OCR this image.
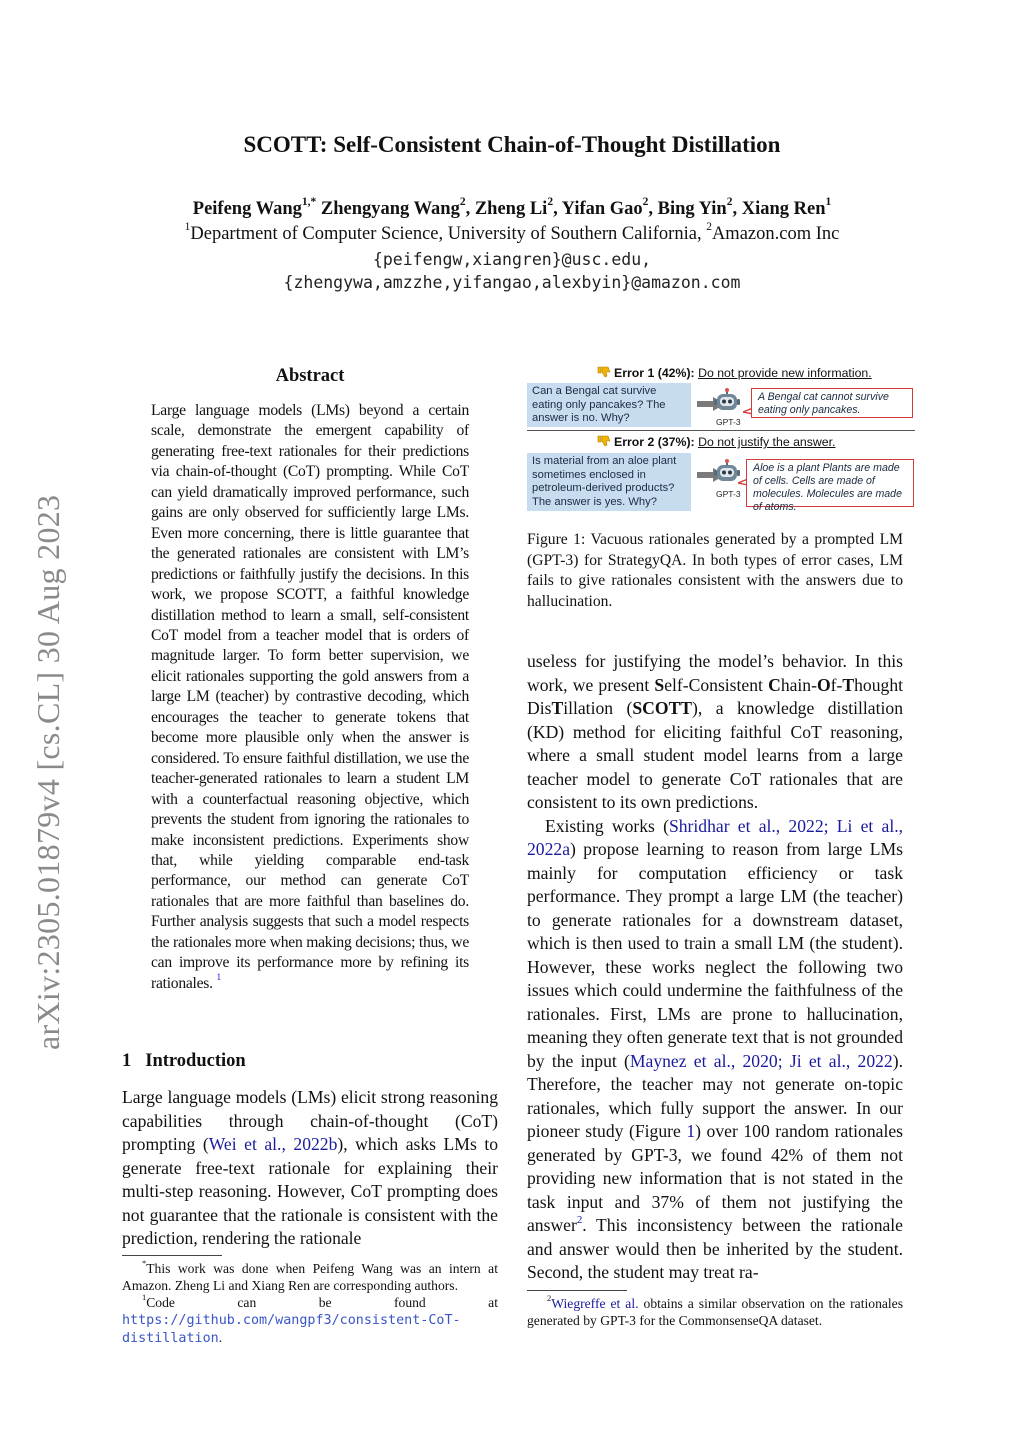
arXiv:2305.01879v4 [cs.CL] 30 Aug 2023
SCOTT: Self-Consistent Chain-of-Thought Distillation
Peifeng Wang$^{1,*}$ Zhengyang Wang$^2$, Zheng Li$^2$, Yifan Gao$^2$, Bing Yin$^2$, Xiang Ren$^1$
$^1$Department of Computer Science, University of Southern California, $^2$Amazon.com Inc
{peifengw,xiangren}@usc.edu,
{zhengywa,amzzhe,yifangao,alexbyin}@amazon.com
Abstract
Large language models (LMs) beyond a certain scale, demonstrate the emergent capability of generating free-text rationales for their predictions via chain-of-thought (CoT) prompting. While CoT can yield dramatically improved performance, such gains are only observed for sufficiently large LMs. Even more concerning, there is little guarantee that the generated rationales are consistent with LM’s predictions or faithfully justify the decisions. In this work, we propose SCOTT, a faithful knowledge distillation method to learn a small, self-consistent CoT model from a teacher model that is orders of magnitude larger. To form better supervision, we elicit rationales supporting the gold answers from a large LM (teacher) by contrastive decoding, which encourages the teacher to generate tokens that become more plausible only when the answer is considered. To ensure faithful distillation, we use the teacher-generated rationales to learn a student LM with a counterfactual reasoning objective, which prevents the student from ignoring the rationales to make inconsistent predictions. Experiments show that, while yielding comparable end-task performance, our method can generate CoT rationales that are more faithful than baselines do. Further analysis suggests that such a model respects the rationales more when making decisions; thus, we can improve its performance more by refining its rationales. $^1$
1 Introduction

Large language models (LMs) elicit strong reasoning capabilities through chain-of-thought (CoT) prompting (Wei et al., 2022b), which asks LMs to generate free-text rationale for explaining their multi-step reasoning. However, CoT prompting does not guarantee that the rationale is consistent with the prediction, rendering the rationale

*This work was done when Peifeng Wang was an intern at Amazon. Zheng Li and Xiang Ren are corresponding authors.

$^1$Code can be found at https://github.com/wangpf3/consistent-CoT-distillation.

Error 1 (42%): Do not provide new information.
Can a Bengal cat survive eating only pancakes? The answer is no. Why?	GPT-3
A Bengal cat cannot survive eating only pancakes.
Error 2 (37%): Do not justify the answer.
Is material from an aloe plant sometimes enclosed in petroleum-derived products? The answer is yes. Why?
GPT-3
Aloe is a plant Plants are made of cells. Cells are made of molecules. Molecules are made of atoms.
Figure 1: Vacuous rationales generated by a prompted LM (GPT-3) for StrategyQA. In both types of error cases, LM fails to give rationales consistent with the answers due to hallucination.

useless for justifying the model’s behavior. In this work, we present Self-Consistent Chain-Of-Thought DisTillation (SCOTT), a knowledge distillation (KD) method for eliciting faithful CoT reasoning, where a small student model learns from a large teacher model to generate CoT rationales that are consistent to its own predictions.

Existing works (Shridhar et al., 2022; Li et al., 2022a) propose learning to reason from large LMs mainly for computation efficiency or task performance. They prompt a large LM (the teacher) to generate rationales for a downstream dataset, which is then used to train a small LM (the student). However, these works neglect the following two issues which could undermine the faithfulness of the rationales. First, LMs are prone to hallucination, meaning they often generate text that is not grounded by the input (Maynez et al., 2020; Ji et al., 2022). Therefore, the teacher may not generate on-topic rationales, which fully support the answer. In our pioneer study (Figure 1) over 100 random rationales generated by GPT-3, we found 42% of them not providing new information that is not stated in the task input and 37% of them not justifying the answer$^2$. This inconsistency between the rationale and answer would then be inherited by the student. Second, the student may treat ra-

$^2$Wiegreffe et al. obtains a similar observation on the rationales generated by GPT-3 for the CommonsenseQA dataset.
